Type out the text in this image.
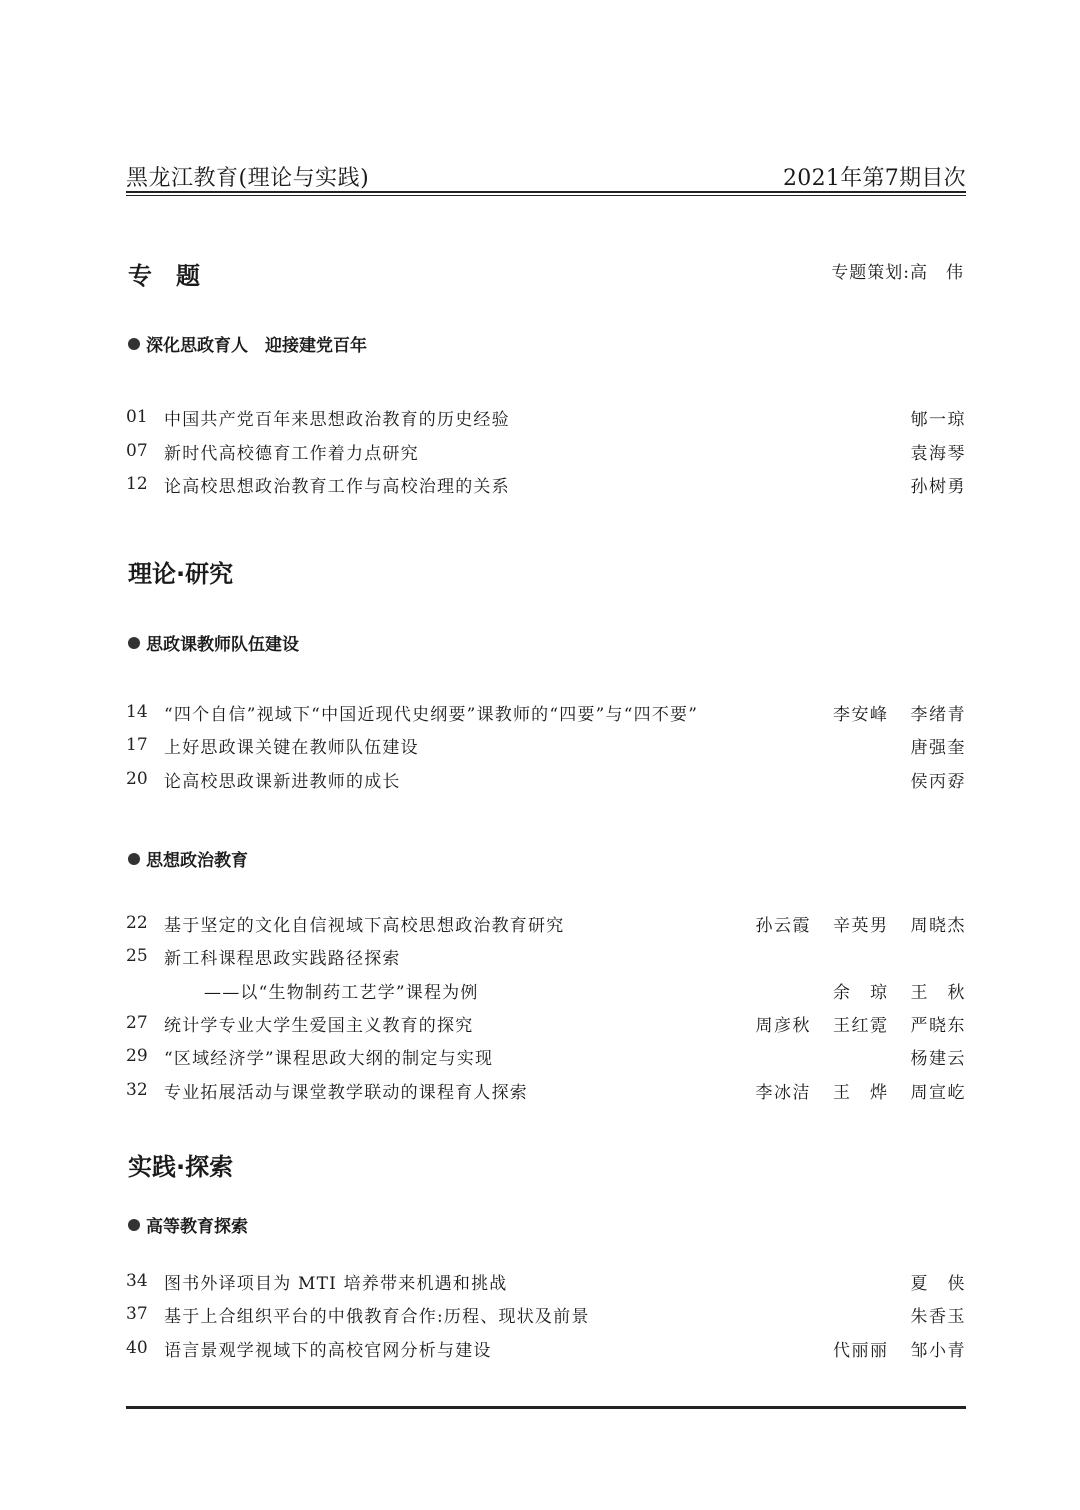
黑龙江教育(理论与实践)	2021年第7期目次
专　题	专题策划:高　伟
深化思政育人　迎接建党百年
01 中国共产党百年来思想政治教育的历史经验	郇一琼
07 新时代高校德育工作着力点研究	袁海琴
12 论高校思想政治教育工作与高校治理的关系	孙树勇
理论·研究
思政课教师队伍建设
14 “四个自信”视域下“中国近现代史纲要”课教师的“四要”与“四不要”	李安峰 李绪青
17 上好思政课关键在教师队伍建设	唐强奎
20 论高校思政课新进教师的成长	侯丙孬
思想政治教育
22 基于坚定的文化自信视域下高校思想政治教育研究	孙云霞 辛英男 周晓杰
25 新工科课程思政实践路径探索
——以“生物制药工艺学”课程为例	余　琼 王　秋
27 统计学专业大学生爱国主义教育的探究	周彦秋 王红霓 严晓东
29 “区域经济学”课程思政大纲的制定与实现	杨建云
32 专业拓展活动与课堂教学联动的课程育人探索	李冰洁 王　烨 周宣屹
实践·探索
高等教育探索
34 图书外译项目为 MTI 培养带来机遇和挑战	夏　侠
37 基于上合组织平台的中俄教育合作:历程、现状及前景	朱香玉
40 语言景观学视域下的高校官网分析与建设	代丽丽 邹小青
